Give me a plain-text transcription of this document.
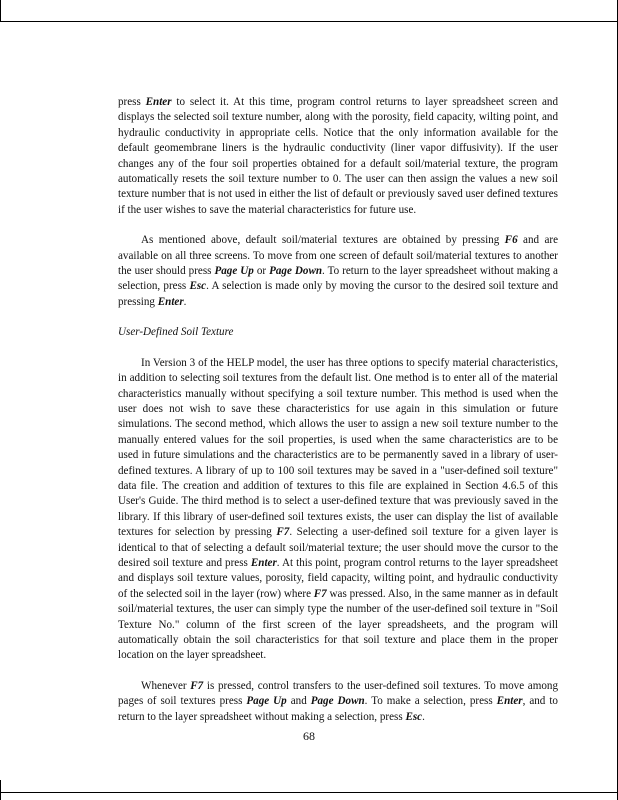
press Enter to select it. At this time, program control returns to layer spreadsheet screen and displays the selected soil texture number, along with the porosity, field capacity, wilting point, and hydraulic conductivity in appropriate cells. Notice that the only information available for the default geomembrane liners is the hydraulic conductivity (liner vapor diffusivity). If the user changes any of the four soil properties obtained for a default soil/material texture, the program automatically resets the soil texture number to 0. The user can then assign the values a new soil texture number that is not used in either the list of default or previously saved user defined textures if the user wishes to save the material characteristics for future use.

As mentioned above, default soil/material textures are obtained by pressing F6 and are available on all three screens. To move from one screen of default soil/material textures to another the user should press Page Up or Page Down. To return to the layer spreadsheet without making a selection, press Esc. A selection is made only by moving the cursor to the desired soil texture and pressing Enter.

User-Defined Soil Texture

In Version 3 of the HELP model, the user has three options to specify material characteristics, in addition to selecting soil textures from the default list. One method is to enter all of the material characteristics manually without specifying a soil texture number. This method is used when the user does not wish to save these characteristics for use again in this simulation or future simulations. The second method, which allows the user to assign a new soil texture number to the manually entered values for the soil properties, is used when the same characteristics are to be used in future simulations and the characteristics are to be permanently saved in a library of user-defined textures. A library of up to 100 soil textures may be saved in a "user-defined soil texture" data file. The creation and addition of textures to this file are explained in Section 4.6.5 of this User's Guide. The third method is to select a user-defined texture that was previously saved in the library. If this library of user-defined soil textures exists, the user can display the list of available textures for selection by pressing F7. Selecting a user-defined soil texture for a given layer is identical to that of selecting a default soil/material texture; the user should move the cursor to the desired soil texture and press Enter. At this point, program control returns to the layer spreadsheet and displays soil texture values, porosity, field capacity, wilting point, and hydraulic conductivity of the selected soil in the layer (row) where F7 was pressed. Also, in the same manner as in default soil/material textures, the user can simply type the number of the user-defined soil texture in "Soil Texture No." column of the first screen of the layer spreadsheets, and the program will automatically obtain the soil characteristics for that soil texture and place them in the proper location on the layer spreadsheet.

Whenever F7 is pressed, control transfers to the user-defined soil textures. To move among pages of soil textures press Page Up and Page Down. To make a selection, press Enter, and to return to the layer spreadsheet without making a selection, press Esc.

68
